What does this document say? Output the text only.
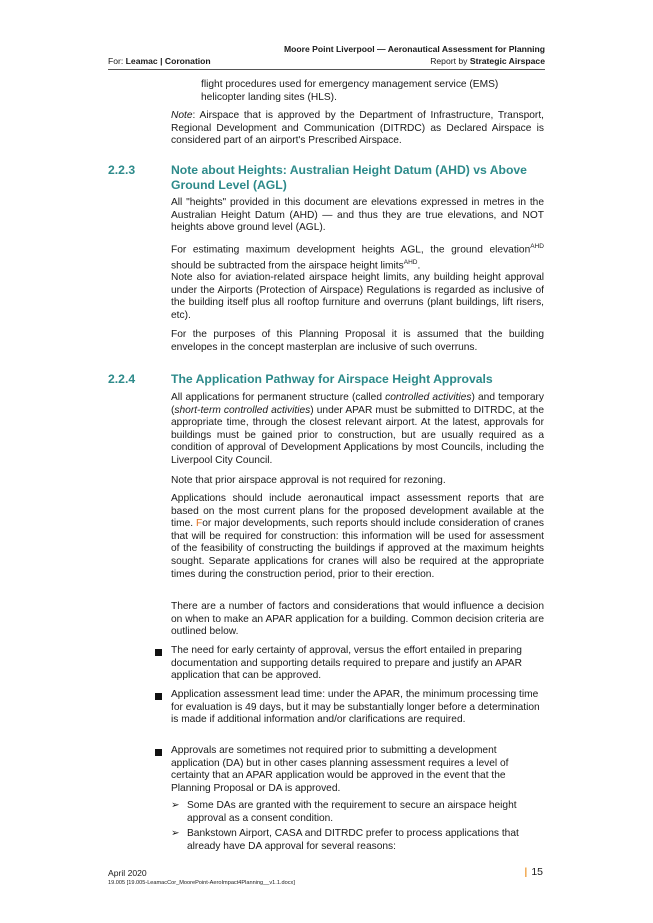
Moore Point Liverpool — Aeronautical Assessment for Planning
For: Leamac | Coronation	Report by Strategic Airspace
flight procedures used for emergency management service (EMS) helicopter landing sites (HLS).
Note: Airspace that is approved by the Department of Infrastructure, Transport, Regional Development and Communication (DITRDC) as Declared Airspace is considered part of an airport's Prescribed Airspace.
2.2.3	Note about Heights: Australian Height Datum (AHD) vs Above Ground Level (AGL)
All "heights" provided in this document are elevations expressed in metres in the Australian Height Datum (AHD) — and thus they are true elevations, and NOT heights above ground level (AGL).
For estimating maximum development heights AGL, the ground elevation$^{AHD}$ should be subtracted from the airspace height limits$^{AHD}$.
Note also for aviation-related airspace height limits, any building height approval under the Airports (Protection of Airspace) Regulations is regarded as inclusive of the building itself plus all rooftop furniture and overruns (plant buildings, lift risers, etc).
For the purposes of this Planning Proposal it is assumed that the building envelopes in the concept masterplan are inclusive of such overruns.
2.2.4	The Application Pathway for Airspace Height Approvals
All applications for permanent structure (called controlled activities) and temporary (short-term controlled activities) under APAR must be submitted to DITRDC, at the appropriate time, through the closest relevant airport. At the latest, approvals for buildings must be gained prior to construction, but are usually required as a condition of approval of Development Applications by most Councils, including the Liverpool City Council.
Note that prior airspace approval is not required for rezoning.
Applications should include aeronautical impact assessment reports that are based on the most current plans for the proposed development available at the time. For major developments, such reports should include consideration of cranes that will be required for construction: this information will be used for assessment of the feasibility of constructing the buildings if approved at the maximum heights sought. Separate applications for cranes will also be required at the appropriate times during the construction period, prior to their erection.
There are a number of factors and considerations that would influence a decision on when to make an APAR application for a building. Common decision criteria are outlined below.
The need for early certainty of approval, versus the effort entailed in preparing documentation and supporting details required to prepare and justify an APAR application that can be approved.
Application assessment lead time: under the APAR, the minimum processing time for evaluation is 49 days, but it may be substantially longer before a determination is made if additional information and/or clarifications are required.
Approvals are sometimes not required prior to submitting a development application (DA) but in other cases planning assessment requires a level of certainty that an APAR application would be approved in the event that the Planning Proposal or DA is approved.
➢ Some DAs are granted with the requirement to secure an airspace height approval as a consent condition.
➢ Bankstown Airport, CASA and DITRDC prefer to process applications that already have DA approval for several reasons:
April 2020
19.005 [19.005-LeamacCor_MoorePoint-AeroImpact4Planning__v1.1.docx]
| 15
